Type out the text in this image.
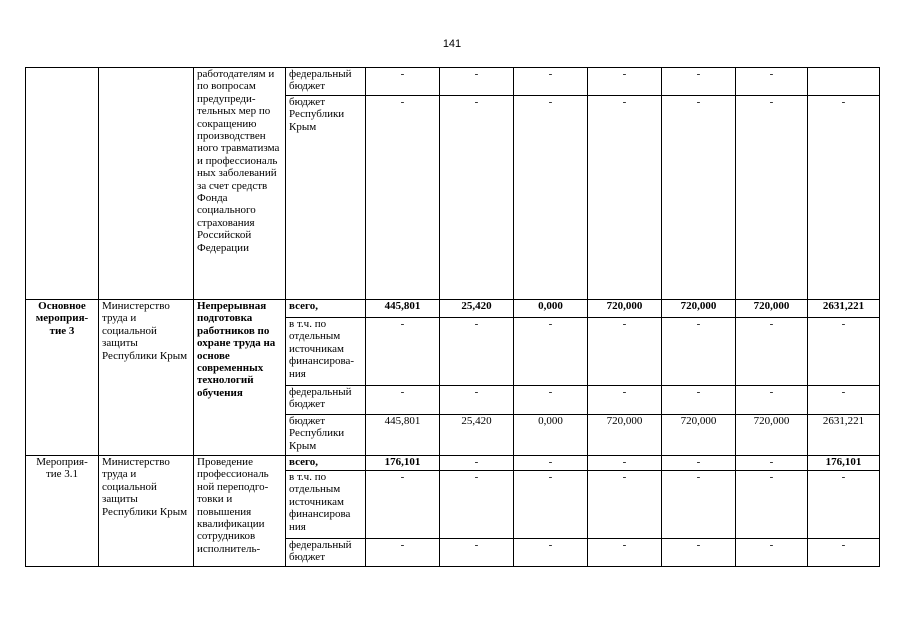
141
		работодателям и по вопросам предупреди-тельных мер по сокращению производствен ного травматизма и профессиональ ных заболеваний за счет средств Фонда социального страхования Российской Федерации	федеральный бюджет	-	-	-	-	-	-	
			бюджет Республики Крым	-	-	-	-	-	-	-
Основное мероприя-тие 3	Министерство труда и социальной защиты Республики Крым	Непрерывная подготовка работников по охране труда на основе современных технологий обучения	всего,	445,801	25,420	0,000	720,000	720,000	720,000	2631,221
			в т.ч. по отдельным источникам финансирова-ния	-	-	-	-	-	-	-
			федеральный бюджет	-	-	-	-	-	-	-
			бюджет Республики Крым	445,801	25,420	0,000	720,000	720,000	720,000	2631,221
Мероприя-тие 3.1	Министерство труда и социальной защиты Республики Крым	Проведение профессиональ ной переподго-товки и повышения квалификации сотрудников исполнитель-	всего,	176,101	-	-	-	-	-	176,101
			в т.ч. по отдельным источникам финансирова ния	-	-	-	-	-	-	-
			федеральный бюджет	-	-	-	-	-	-	-
